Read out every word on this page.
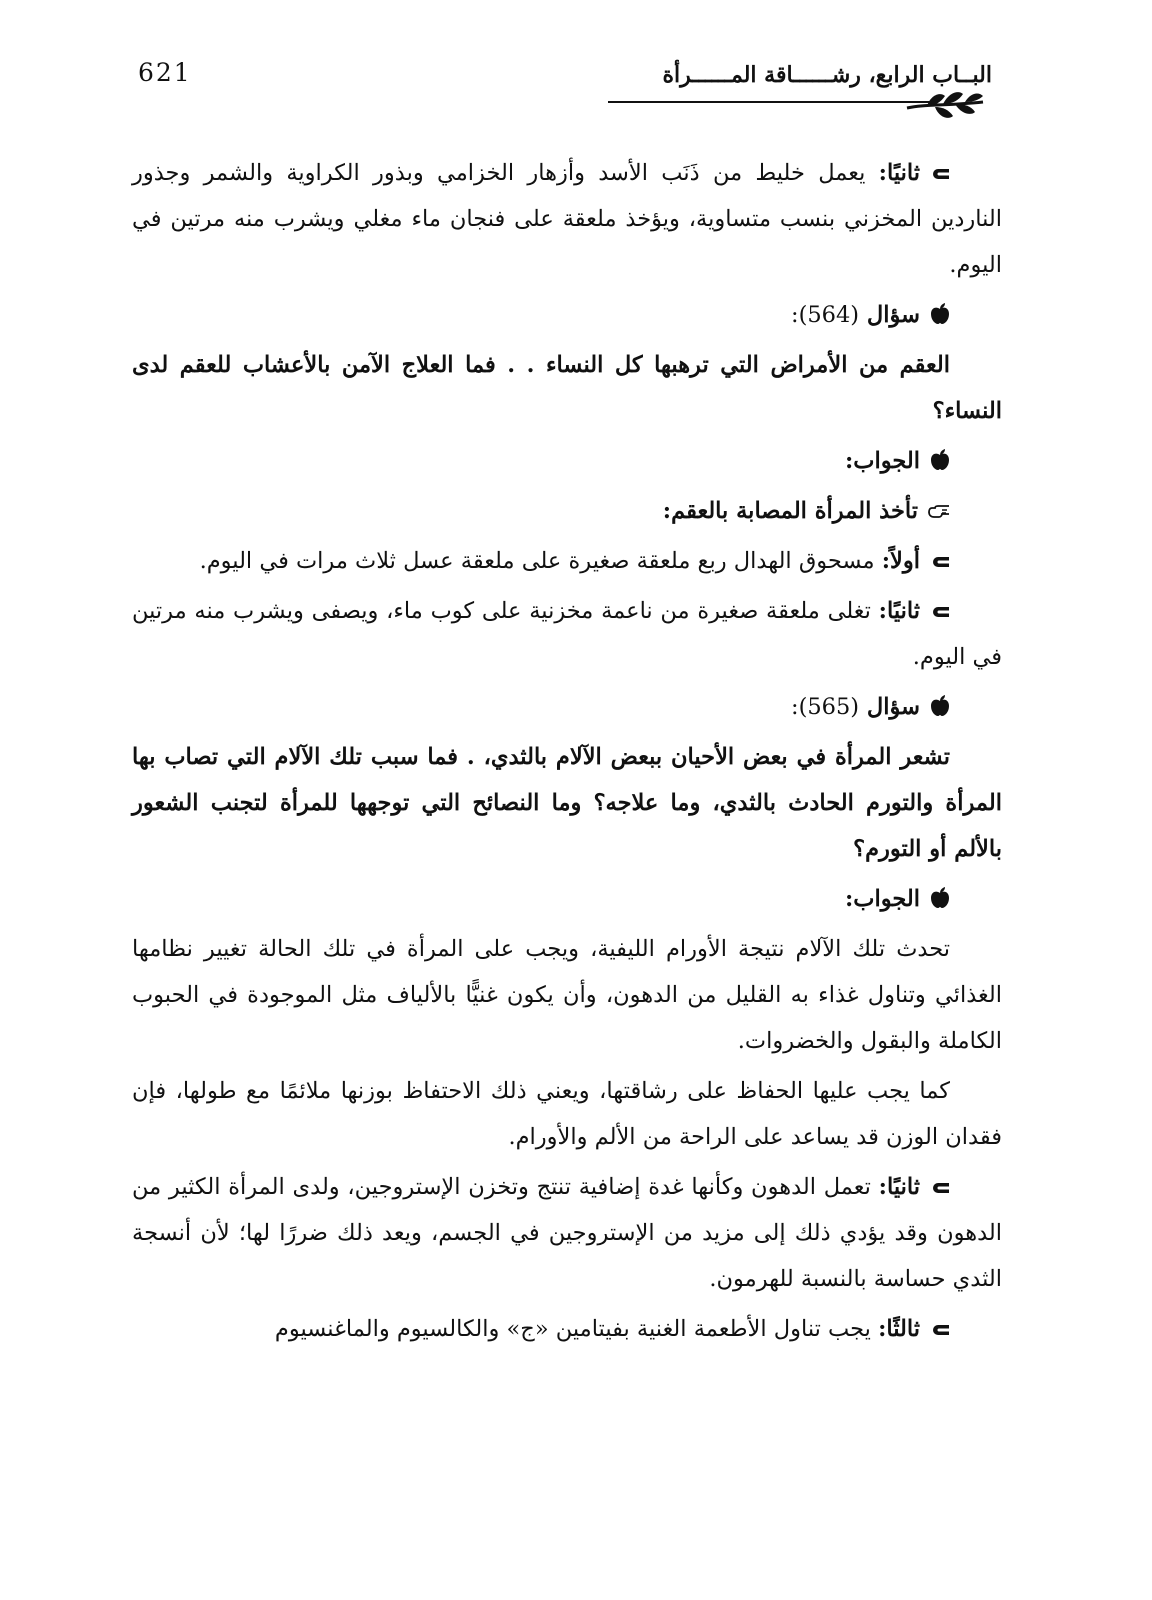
621	البــاب الرابع، رشــــــاقة المــــــرأة

ثانيًا: يعمل خليط من ذَنَب الأسد وأزهار الخزامي وبذور الكراوية والشمر وجذور الناردين المخزني بنسب متساوية، ويؤخذ ملعقة على فنجان ماء مغلي ويشرب منه مرتين في اليوم.

سؤال (564):

العقم من الأمراض التي ترهبها كل النساء . . فما العلاج الآمن بالأعشاب للعقم لدى النساء؟

الجواب:
تأخذ المرأة المصابة بالعقم:

أولاً: مسحوق الهدال ربع ملعقة صغيرة على ملعقة عسل ثلاث مرات في اليوم.

ثانيًا: تغلى ملعقة صغيرة من ناعمة مخزنية على كوب ماء، ويصفى ويشرب منه مرتين في اليوم.

سؤال (565):

تشعر المرأة في بعض الأحيان ببعض الآلام بالثدي، . فما سبب تلك الآلام التي تصاب بها المرأة والتورم الحادث بالثدي، وما علاجه؟ وما النصائح التي توجهها للمرأة لتجنب الشعور بالألم أو التورم؟

الجواب:

تحدث تلك الآلام نتيجة الأورام الليفية، ويجب على المرأة في تلك الحالة تغيير نظامها الغذائي وتناول غذاء به القليل من الدهون، وأن يكون غنيًّا بالألياف مثل الموجودة في الحبوب الكاملة والبقول والخضروات.

كما يجب عليها الحفاظ على رشاقتها، ويعني ذلك الاحتفاظ بوزنها ملائمًا مع طولها، فإن فقدان الوزن قد يساعد على الراحة من الألم والأورام.

ثانيًا: تعمل الدهون وكأنها غدة إضافية تنتج وتخزن الإستروجين، ولدى المرأة الكثير من الدهون وقد يؤدي ذلك إلى مزيد من الإستروجين في الجسم، ويعد ذلك ضررًا لها؛ لأن أنسجة الثدي حساسة بالنسبة للهرمون.

ثالثًا: يجب تناول الأطعمة الغنية بفيتامين «ج» والكالسيوم والماغنسيوم
